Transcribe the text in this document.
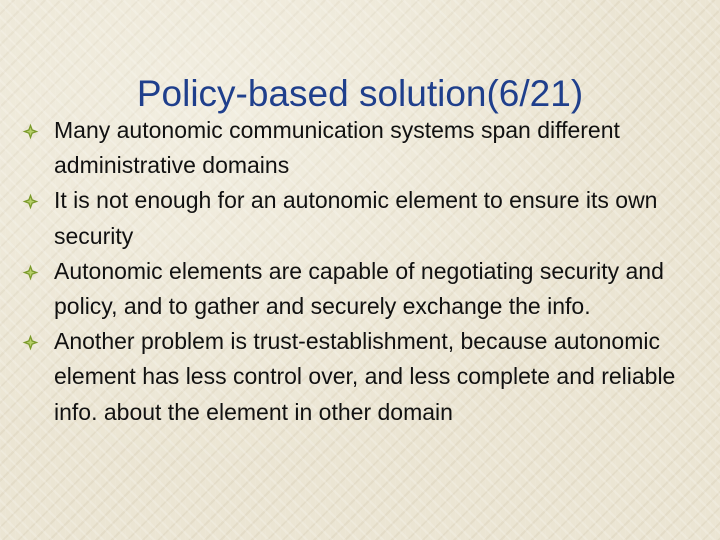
Policy-based solution(6/21)
Many autonomic communication systems span different administrative domains
It is not enough for an autonomic element to ensure its own security
Autonomic elements are capable of negotiating security and policy, and to gather and securely exchange the info.
Another problem is trust-establishment, because autonomic element has less control over, and less complete and reliable info. about the element in other domain
